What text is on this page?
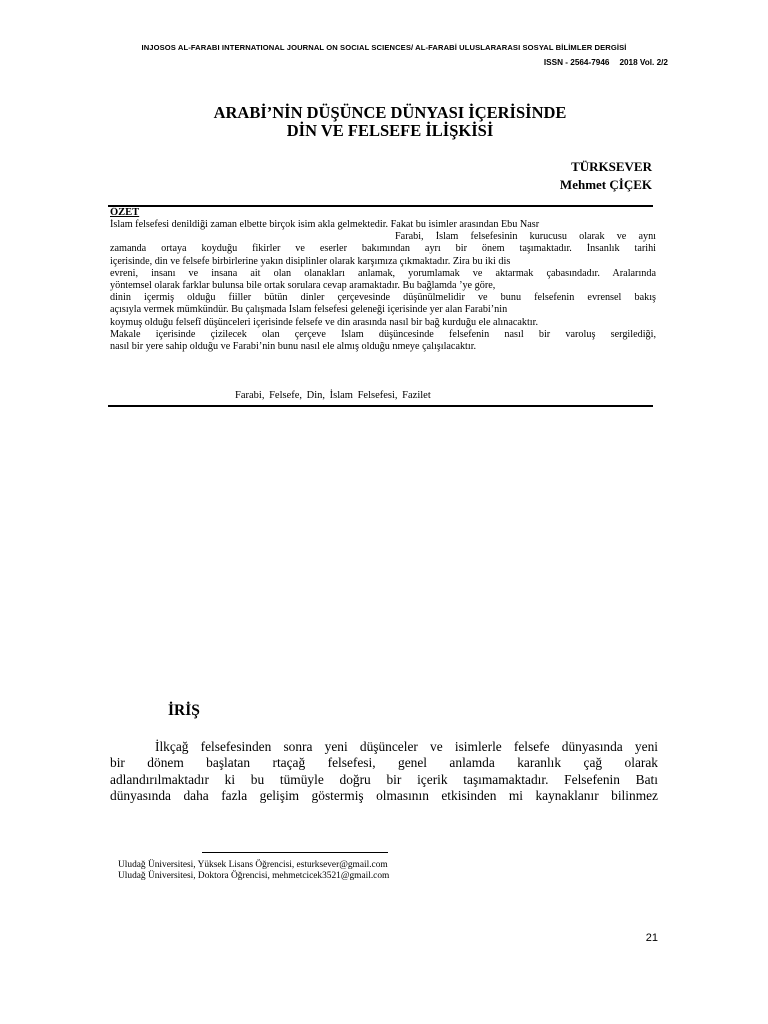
INJOSOS AL-FARABI INTERNATIONAL JOURNAL ON SOCIAL SCIENCES/ AL-FARABİ ULUSLARARASI SOSYAL BİLİMLER DERGİSİ
ISSN - 2564-7946 2018 Vol. 2/2
ARABİ’NİN DÜŞÜNCE DÜNYASI İÇERİSİNDE
DİN VE FELSEFE İLİŞKİSİ
TÜRKSEVER
Mehmet ÇİÇEK
ÖZET
İslam felsefesi denildiği zaman elbette birçok isim akla gelmektedir. Fakat bu isimler arasından Ebu Nasr
Farabi, İslam felsefesinin kurucusu olarak ve aynı
zamanda ortaya koyduğu fikirler ve eserler bakımından ayrı bir önem taşımaktadır. İnsanlık tarihi
içerisinde, din ve felsefe birbirlerine yakın disiplinler olarak karşımıza çıkmaktadır. Zira bu iki dis
evreni, insanı ve insana ait olan olanakları anlamak, yorumlamak ve aktarmak çabasındadır. Aralarında
yöntemsel olarak farklar bulunsa bile ortak sorulara cevap aramaktadır. Bu bağlamda ’ye göre,
dinin içermiş olduğu fiiller bütün dinler çerçevesinde düşünülmelidir ve bunu felsefenin evrensel bakış
açısıyla vermek mümkündür. Bu çalışmada İslam felsefesi geleneği içerisinde yer alan Farabi’nin
koymuş olduğu felsefî düşünceleri içerisinde felsefe ve din arasında nasıl bir bağ kurduğu ele alınacaktır.
Makale içerisinde çizilecek olan çerçeve İslam düşüncesinde felsefenin nasıl bir varoluş sergilediği,
nasıl bir yere sahip olduğu ve Farabi’nin bunu nasıl ele almış olduğu nmeye çalışılacaktır.
Farabi, Felsefe, Din, İslam Felsefesi, Fazilet
İRİŞ
İlkçağ felsefesinden sonra yeni düşünceler ve isimlerle felsefe dünyasında yeni
bir dönem başlatan rtaçağ felsefesi, genel anlamda karanlık çağ olarak
adlandırılmaktadır ki bu tümüyle doğru bir içerik taşımamaktadır. Felsefenin Batı
dünyasında daha fazla gelişim göstermiş olmasının etkisinden mi kaynaklanır bilinmez
Uludağ Üniversitesi, Yüksek Lisans Öğrencisi, esturksever@gmail.com
Uludağ Üniversitesi, Doktora Öğrencisi, mehmetcicek3521@gmail.com
21
